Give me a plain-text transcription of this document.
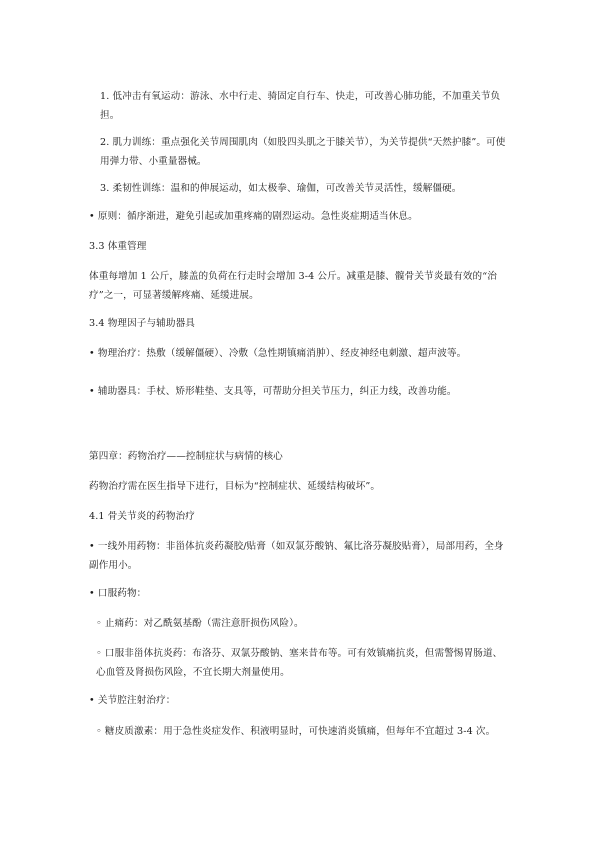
1. 低冲击有氧运动：游泳、水中行走、骑固定自行车、快走，可改善心肺功能，不加重关节负担。
2. 肌力训练：重点强化关节周围肌肉（如股四头肌之于膝关节），为关节提供“天然护膝”。可使用弹力带、小重量器械。
3. 柔韧性训练：温和的伸展运动，如太极拳、瑜伽，可改善关节灵活性，缓解僵硬。
• 原则：循序渐进，避免引起或加重疼痛的剧烈运动。急性炎症期适当休息。
3.3 体重管理
体重每增加 1 公斤，膝盖的负荷在行走时会增加 3-4 公斤。减重是膝、髋骨关节炎最有效的“治疗”之一，可显著缓解疼痛、延缓进展。
3.4 物理因子与辅助器具
• 物理治疗：热敷（缓解僵硬）、冷敷（急性期镇痛消肿）、经皮神经电刺激、超声波等。
• 辅助器具：手杖、矫形鞋垫、支具等，可帮助分担关节压力，纠正力线，改善功能。
第四章：药物治疗——控制症状与病情的核心
药物治疗需在医生指导下进行，目标为“控制症状、延缓结构破坏”。
4.1 骨关节炎的药物治疗
• 一线外用药物：非甾体抗炎药凝胶/贴膏（如双氯芬酸钠、氟比洛芬凝胶贴膏），局部用药，全身副作用小。
• 口服药物：
◦ 止痛药：对乙酰氨基酚（需注意肝损伤风险）。
◦ 口服非甾体抗炎药：布洛芬、双氯芬酸钠、塞来昔布等。可有效镇痛抗炎，但需警惕胃肠道、心血管及肾损伤风险，不宜长期大剂量使用。
• 关节腔注射治疗：
◦ 糖皮质激素：用于急性炎症发作、积液明显时，可快速消炎镇痛，但每年不宜超过 3-4 次。
